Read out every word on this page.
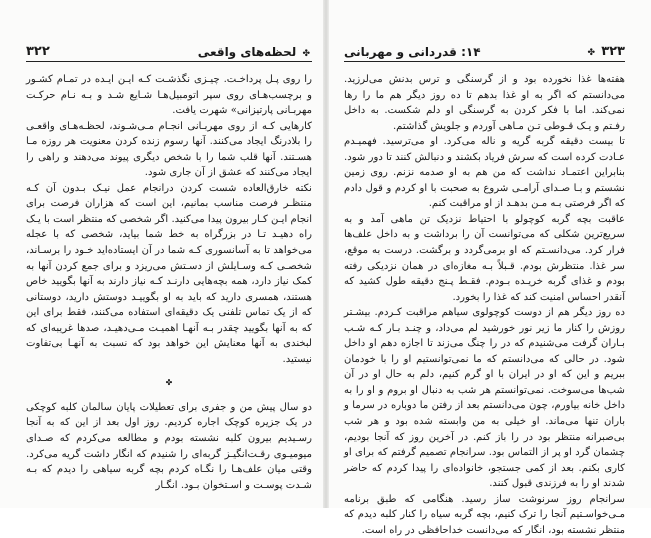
۳۲۲	✤ لحظه‌های واقعی

را روی پـل پرداخـت. چیـزی نگذشـت کـه ایـن ایـده در تمـام کشـور و برچسب‌هـای روی سپر اتومبیل‌هـا شـایع شـد و بـه نـام حرکـت مهربـانی پارتیزانی» شهرت یافت.

کارهایی کـه از روی مهربـانی انجـام مـی‌شـوند، لحظـه‌هـای واقعـی را بلادرنگ ایجاد می‌کنند. آنها رسوم زنده کردن معنویت هر روزه مـا هسـتند. آنها قلب شما را با شخص دیگری پیوند می‌دهند و راهی را ایجاد می‌کنند که عشق از آن جاری شود.

نکته خارق‌العاده شست کردن درانجام عمل نیـک بـدون آن کـه منتظـر فرصت مناسب بمانیم، این است که هزاران فرصت برای انجام ایـن کـار بیرون پیدا می‌کنید. اگر شخصی که منتظر است با یـک راه دهیـد تـا در بزرگراه به خط شما بیاید، شخصی که با عجله می‌خواهد تا به آسانسوری کـه شما در آن ایستاده‌اید خـود را برسـاند، شخصـی کـه وسـایلش از دسـتش می‌ریزد و برای جمع کردن آنها به کمک نیاز دارد، همه بچه‌هایی دارنـد کـه نیاز دارند به آنها بگویید خاص هستند، همسری دارید که باید به او بگوییـد دوستش دارید، دوستانی که از یک تماس تلفنی یک دقیقه‌ای استفاده می‌کنند، فقط برای این که به آنها بگویید چقدر بـه آنهـا اهمیـت مـی‌دهیـد، صدها غریبه‌ای که لبخندی به آنها معنایش این خواهد بود که نسبت به آنهـا بی‌تفاوت نیستید.

✤

دو سال پیش من و جفری برای تعطیلات پایان سالمان کلبه کوچکی در یک جزیره کوچک اجاره کردیم. روز اول بعد از این که به آنجا رسـیدیم بیرون کلبه نشسته بودم و مطالعه می‌کردم که صـدای میومیـوی رقـت‌انگیـز گربه‌ای را شنیدم که انگار داشت گریه می‌کرد. وقتی میان علف‌هـا را نگـاه کردم بچه گربه سیاهی را دیدم که بـه شـدت پوسـت و اسـتخوان بـود. انگـار

۱۴: قدردانی و مهربانی	✤ ۳۲۳

هفته‌ها غذا نخورده بود و از گرسنگی و ترس بدنش می‌لرزید. می‌دانستم که اگر به او غذا بدهم تا ده روز دیگر هم ما را رها نمی‌کند. اما با فکر کردن به گرسنگی او دلم شکست. به داخل رفـتم و یـک قـوطی تـن مـاهی آوردم و جلویش گذاشتم.

تا بیست دقیقه گربه گریه و ناله می‌کرد. او می‌ترسید. فهمیـدم عـادت کرده است که سرش فریاد بکشند و دنبالش کنند تا دور شود. بنابراین اعتمـاد نداشت که من هم به او صدمه نزنم. روی زمین نشستم و بـا صـدای آرامـی شروع به صحبت با او کردم و قول دادم که اگر فرصتی بـه مـن بدهـد از او مراقبت کنم.

عاقبت بچه گربه کوچولو با احتیاط نزدیک تن ماهی آمد و به سریع‌ترین شکلی که می‌توانست آن را برداشت و به داخل علف‌ها فرار کرد. می‌دانسـتم که او برمی‌گردد و برگشت. درست به موقع، سر غذا. منتظرش بودم. قـبلاً بـه مغازه‌ای در همان نزدیکی رفته بودم و غذای گربه خریـده بـودم. فقـط پـنج دقیقه طول کشید که آنقدر احساس امنیت کند که غذا را بخورد.

ده روز دیگر هم از دوست کوچولوی سیاهم مراقبت کـردم. بیشـتر روزش را کنار ما زیر نور خورشید لم می‌داد، و چنـد بـار کـه شـب بـاران گرفت می‌شنیدم که در را چنگ می‌زند تا اجازه دهم او داخل شود. در حالی که می‌دانستم که ما نمی‌توانستیم او را با خودمان ببریم و این که او در ایران با او گرم کنیم، دلم به حال او در آن شب‌ها می‌سوخت. نمی‌توانستم هر شب به دنبال او بروم و او را به داخل خانه بیاورم، چون می‌دانستم بعد از رفتن ما دوباره در سرما و باران تنها می‌ماند. او خیلی به من وابسته شده بود و هر شب بی‌صبرانه منتظر بود در را باز کنم. در آخرین روز که آنجا بودیم، چشمان گرد او پر از التماس بود. سرانجام تصمیم گرفتم که برای او کاری بکنم. بعد از کمی جستجو، خانواده‌ای را پیدا کردم که حاضر شدند او را به فرزندی قبول کنند.

سرانجام روز سرنوشت ساز رسید. هنگامی که طبق برنامه مـی‌خواسـتیم آنجا را ترک کنیم، بچه گربه سیاه را کنار کلبه دیدم که منتظر نشسته بود، انگار که می‌دانست خداحافظی در راه است.
